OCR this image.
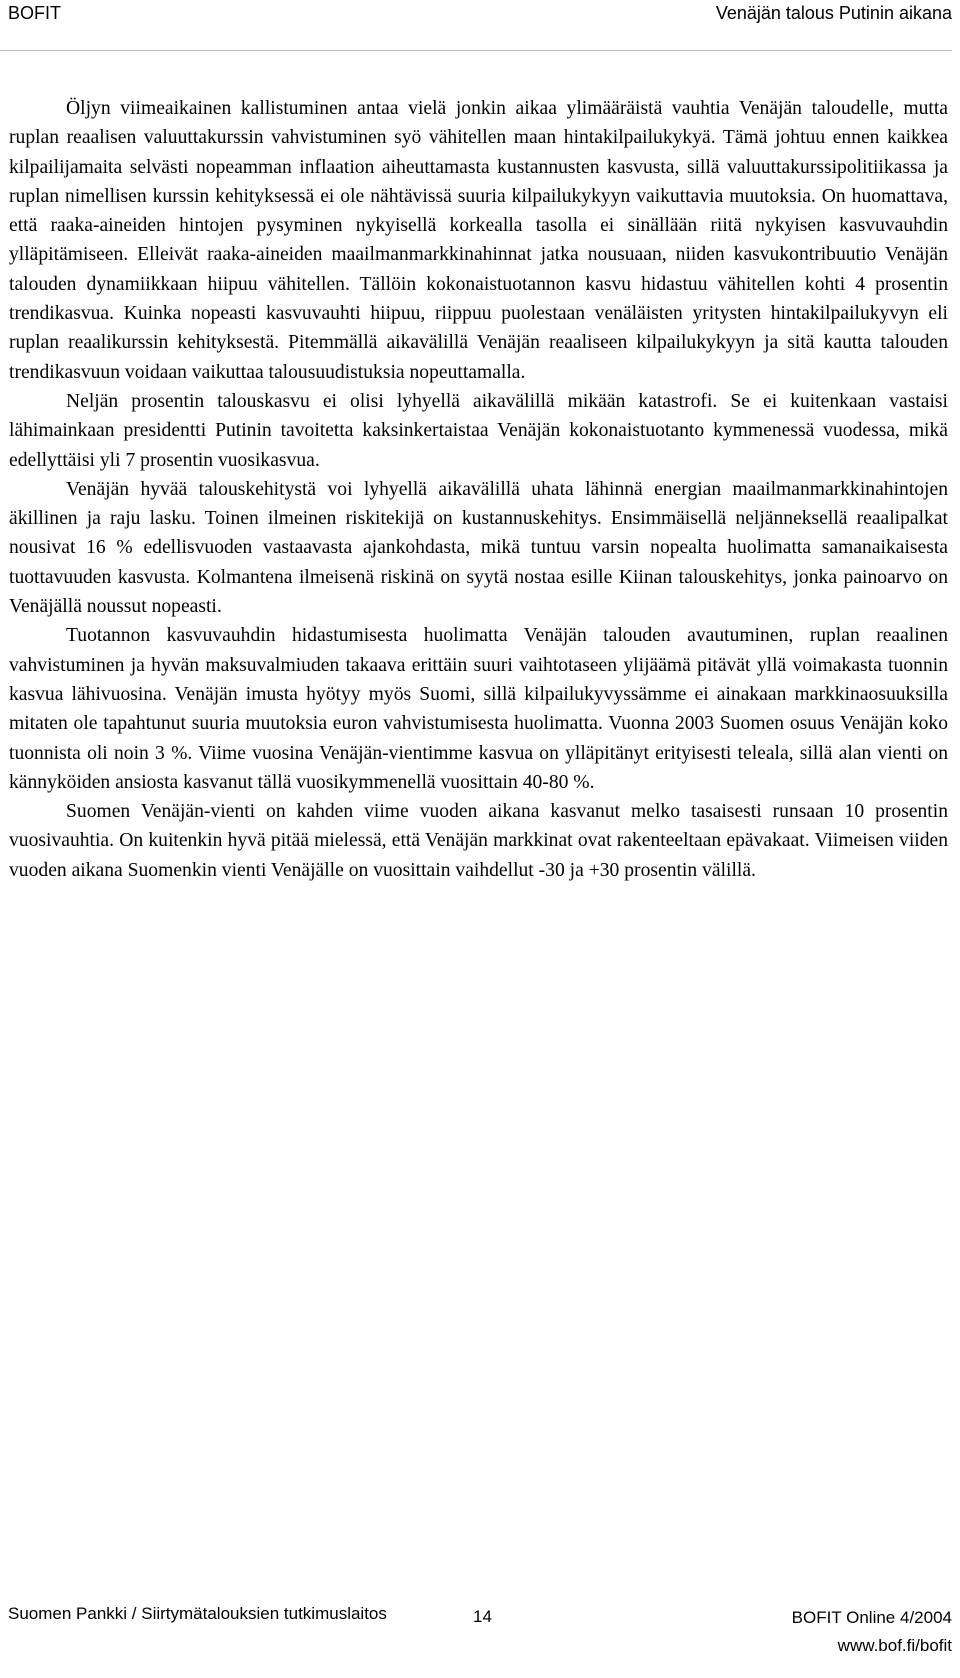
BOFIT	Venäjän talous Putinin aikana

Öljyn viimeaikainen kallistuminen antaa vielä jonkin aikaa ylimääräistä vauhtia Venäjän taloudelle, mutta ruplan reaalisen valuuttakurssin vahvistuminen syö vähitellen maan hintakilpailukykyä. Tämä johtuu ennen kaikkea kilpailijamaita selvästi nopeamman inflaation aiheuttamasta kustannusten kasvusta, sillä valuuttakurssipolitiikassa ja ruplan nimellisen kurssin kehityksessä ei ole nähtävissä suuria kilpailukykyyn vaikuttavia muutoksia. On huomattava, että raaka-aineiden hintojen pysyminen nykyisellä korkealla tasolla ei sinällään riitä nykyisen kasvuvauhdin ylläpitämiseen. Elleivät raaka-aineiden maailmanmarkkinahinnat jatka nousuaan, niiden kasvukontribuutio Venäjän talouden dynamiikkaan hiipuu vähitellen. Tällöin kokonaistuotannon kasvu hidastuu vähitellen kohti 4 prosentin trendikasvua. Kuinka nopeasti kasvuvauhti hiipuu, riippuu puolestaan venäläisten yritysten hintakilpailukyvyn eli ruplan reaalikurssin kehityksestä. Pitemmällä aikavälillä Venäjän reaaliseen kilpailukykyyn ja sitä kautta talouden trendikasvuun voidaan vaikuttaa talousuudistuksia nopeuttamalla.

Neljän prosentin talouskasvu ei olisi lyhyellä aikavälillä mikään katastrofi. Se ei kuitenkaan vastaisi lähimainkaan presidentti Putinin tavoitetta kaksinkertaistaa Venäjän kokonaistuotanto kymmenessä vuodessa, mikä edellyttäisi yli 7 prosentin vuosikasvua.

Venäjän hyvää talouskehitystä voi lyhyellä aikavälillä uhata lähinnä energian maailmanmarkkinahintojen äkillinen ja raju lasku. Toinen ilmeinen riskitekijä on kustannuskehitys. Ensimmäisellä neljänneksellä reaalipalkat nousivat 16 % edellisvuoden vastaavasta ajankohdasta, mikä tuntuu varsin nopealta huolimatta samanaikaisesta tuottavuuden kasvusta. Kolmantena ilmeisenä riskinä on syytä nostaa esille Kiinan talouskehitys, jonka painoarvo on Venäjällä noussut nopeasti.

Tuotannon kasvuvauhdin hidastumisesta huolimatta Venäjän talouden avautuminen, ruplan reaalinen vahvistuminen ja hyvän maksuvalmiuden takaava erittäin suuri vaihtotaseen ylijäämä pitävät yllä voimakasta tuonnin kasvua lähivuosina. Venäjän imusta hyötyy myös Suomi, sillä kilpailukyvyssämme ei ainakaan markkinaosuuksilla mitaten ole tapahtunut suuria muutoksia euron vahvistumisesta huolimatta. Vuonna 2003 Suomen osuus Venäjän koko tuonnista oli noin 3 %. Viime vuosina Venäjän-vientimme kasvua on ylläpitänyt erityisesti teleala, sillä alan vienti on kännyköiden ansiosta kasvanut tällä vuosikymmenellä vuosittain 40-80 %.

Suomen Venäjän-vienti on kahden viime vuoden aikana kasvanut melko tasaisesti runsaan 10 prosentin vuosivauhtia. On kuitenkin hyvä pitää mielessä, että Venäjän markkinat ovat rakenteeltaan epävakaat. Viimeisen viiden vuoden aikana Suomenkin vienti Venäjälle on vuosittain vaihdellut -30 ja +30 prosentin välillä.

Suomen Pankki / Siirtymätalouksien tutkimuslaitos	14	BOFIT Online 4/2004
www.bof.fi/bofit
